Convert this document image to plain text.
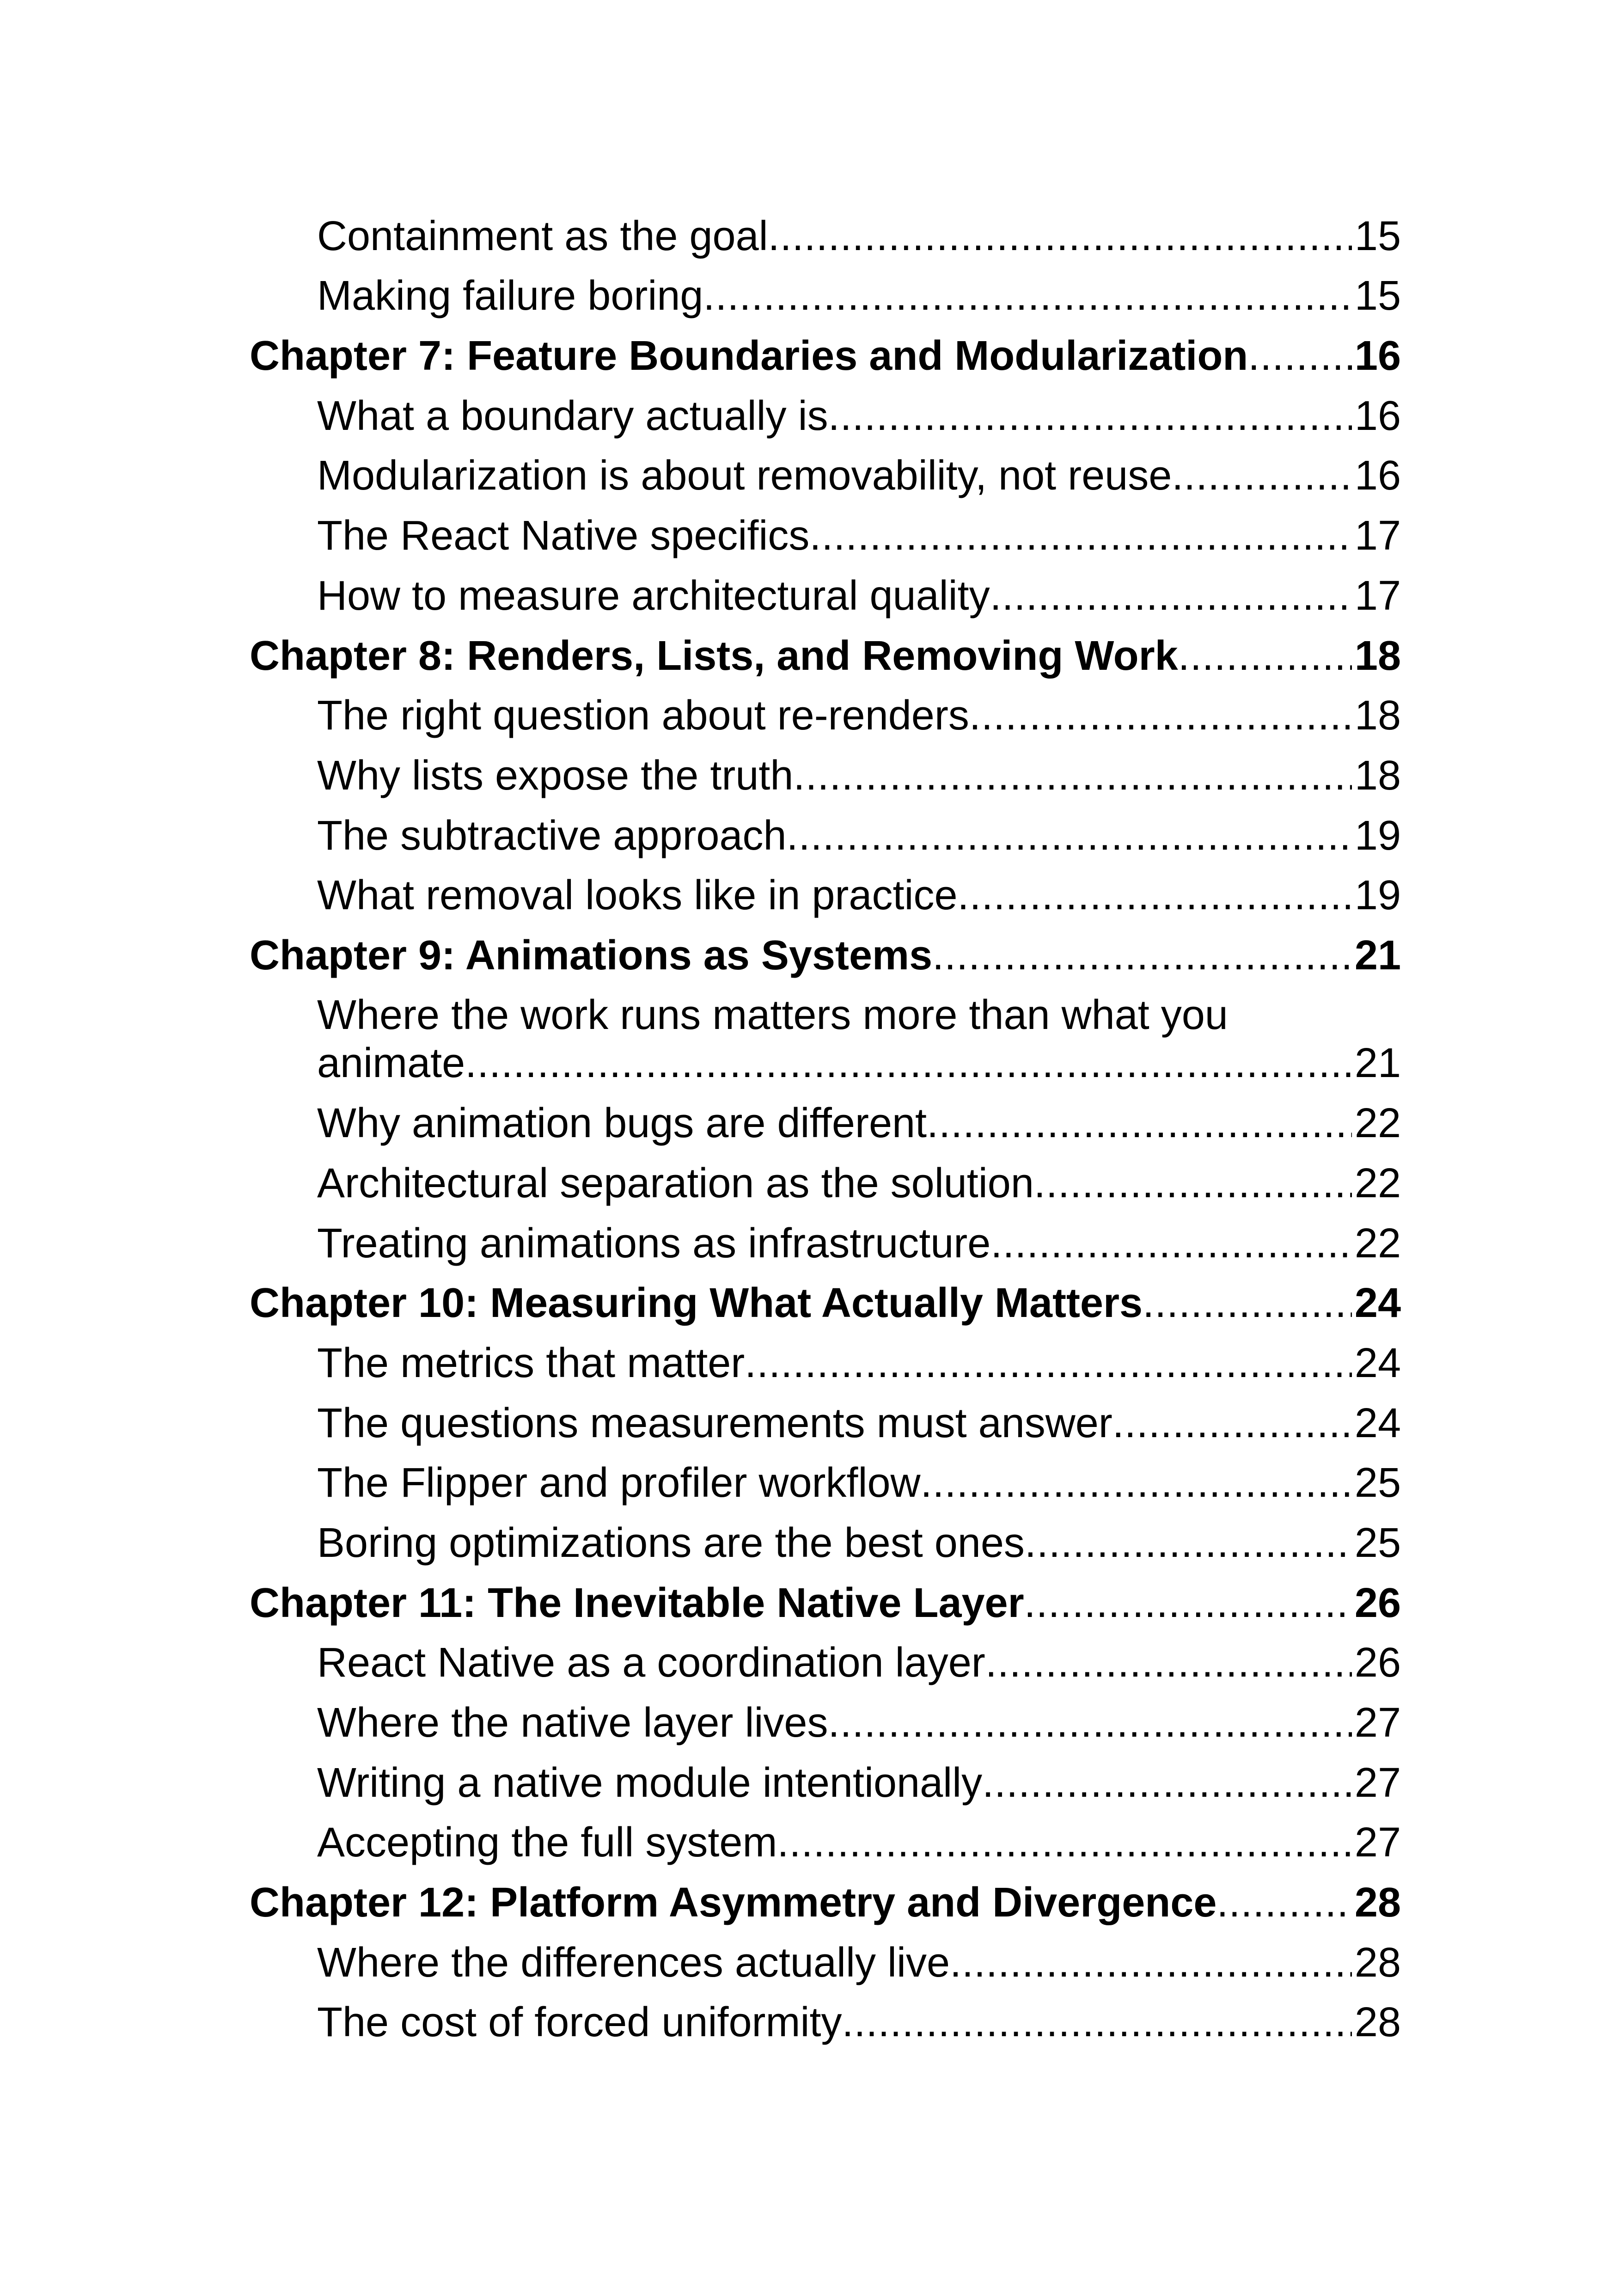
Containment as the goal .....	15
Making failure boring .....	15
Chapter 7: Feature Boundaries and Modularization .....	16
What a boundary actually is .....	16
Modularization is about removability, not reuse .....	16
The React Native specifics .....	17
How to measure architectural quality .....	17
Chapter 8: Renders, Lists, and Removing Work .....	18
The right question about re-renders .....	18
Why lists expose the truth .....	18
The subtractive approach .....	19
What removal looks like in practice .....	19
Chapter 9: Animations as Systems .....	21
Where the work runs matters more than what you
animate .....	21
Why animation bugs are different .....	22
Architectural separation as the solution .....	22
Treating animations as infrastructure .....	22
Chapter 10: Measuring What Actually Matters .....	24
The metrics that matter .....	24
The questions measurements must answer .....	24
The Flipper and profiler workflow .....	25
Boring optimizations are the best ones .....	25
Chapter 11: The Inevitable Native Layer .....	26
React Native as a coordination layer .....	26
Where the native layer lives .....	27
Writing a native module intentionally .....	27
Accepting the full system .....	27
Chapter 12: Platform Asymmetry and Divergence .....	28
Where the differences actually live .....	28
The cost of forced uniformity .....	28
